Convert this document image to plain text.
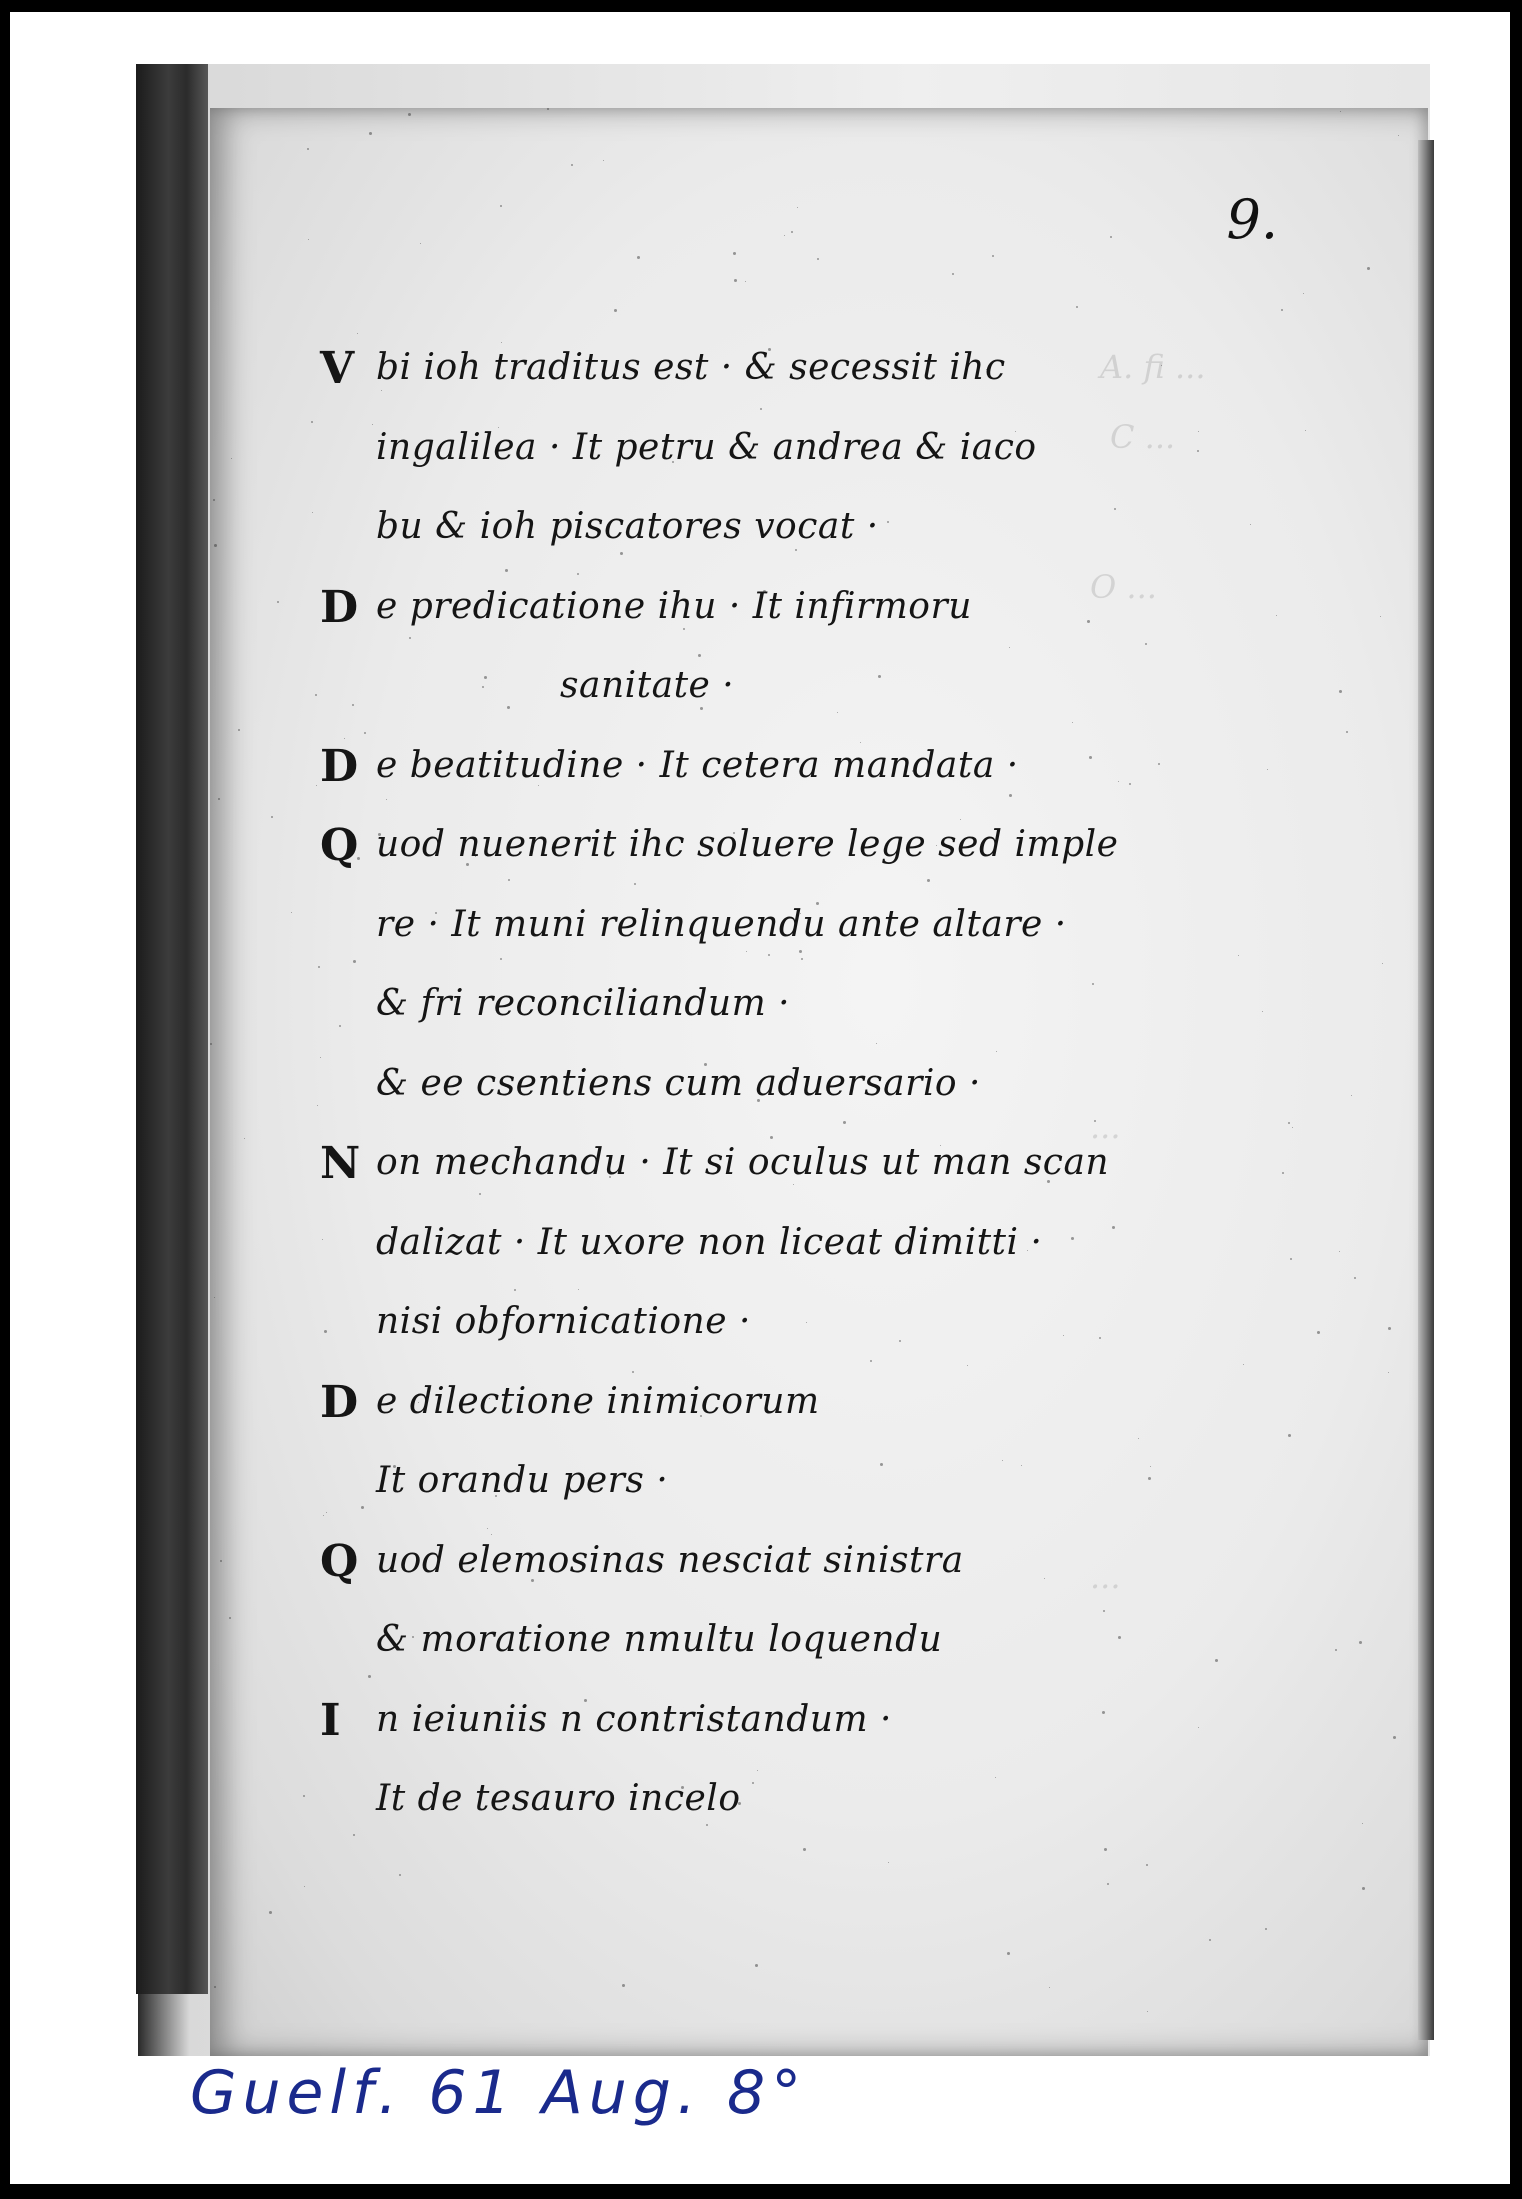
9.
A. fi ...
C ...
O ...
...
...
V bi ioh traditus est · & secessit ihc
ingalilea · It petru & andrea & iaco
bu & ioh piscatores vocat ·
D e predicatione ihu · It infirmoru
sanitate ·
D e beatitudine · It cetera mandata ·
Q uod nuenerit ihc soluere lege sed imple
re · It muni relinquendu ante altare ·
& fri reconciliandum ·
& ee csentiens cum aduersario ·
N on mechandu · It si oculus ut man scan
dalizat · It uxore non liceat dimitti ·
nisi obfornicatione ·
D e dilectione inimicorum
It orandu pers ·
Q uod elemosinas nesciat sinistra
& moratione nmultu loquendu
I n ieiuniis n contristandum ·
It de tesauro incelo
Guelf. 61 Aug. 8°
